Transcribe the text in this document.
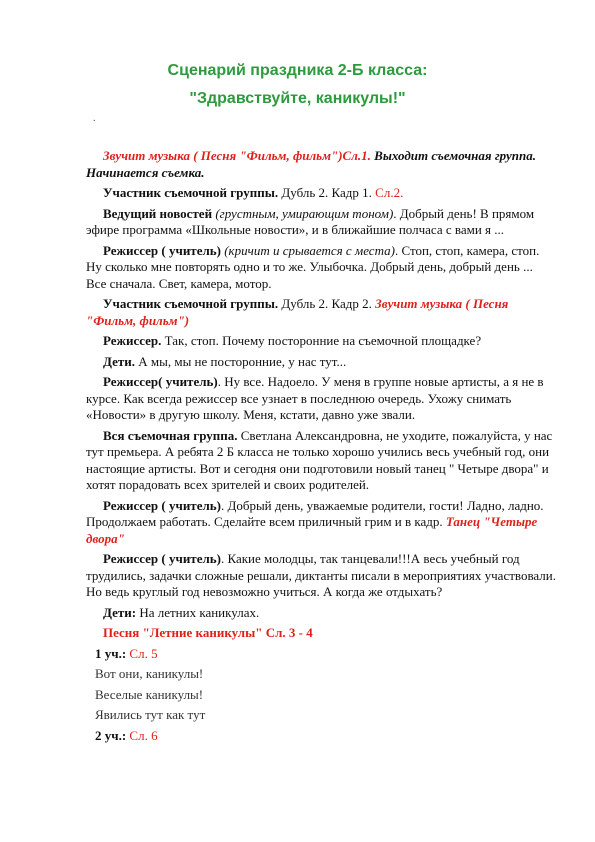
Сценарий праздника 2-Б класса:
"Здравствуйте, каникулы!"
.

Звучит музыка ( Песня "Фильм, фильм")Сл.1. Выходит съемочная группа. Начинается съемка.

Участник съемочной группы. Дубль 2. Кадр 1. Сл.2.

Ведущий новостей (грустным, умирающим тоном). Добрый день! В прямом эфире программа «Школьные новости», и в ближайшие полчаса с вами я ...

Режиссер ( учитель) (кричит и срывается с места). Стоп, стоп, камера, стоп. Ну сколько мне повторять одно и то же. Улыбочка. Добрый день, добрый день ... Все сначала. Свет, камера, мотор.

Участник съемочной группы. Дубль 2. Кадр 2. Звучит музыка ( Песня "Фильм, фильм")

Режиссер. Так, стоп. Почему посторонние на съемочной площадке?

Дети. А мы, мы не посторонние, у нас тут...

Режиссер( учитель). Ну все. Надоело. У меня в группе новые артисты, а я не в курсе. Как всегда режиссер все узнает в последнюю очередь. Ухожу снимать «Новости» в другую школу. Меня, кстати, давно уже звали.

Вся съемочная группа. Светлана Александровна, не уходите, пожалуйста, у нас тут премьера. А ребята 2 Б класса не только хорошо учились весь учебный год, они настоящие артисты. Вот и сегодня они подготовили новый танец " Четыре двора" и хотят порадовать всех зрителей и своих родителей.

Режиссер ( учитель). Добрый день, уважаемые родители, гости! Ладно, ладно. Продолжаем работать. Сделайте всем приличный грим и в кадр. Танец "Четыре двора"

Режиссер ( учитель). Какие молодцы, так танцевали!!!А весь учебный год трудились, задачки сложные решали, диктанты писали в мероприятиях участвовали. Но ведь круглый год невозможно учиться. А когда же отдыхать?

Дети: На летних каникулах.

Песня "Летние каникулы" Сл. 3 - 4

1 уч.: Сл. 5

Вот они, каникулы!

Веселые каникулы!

Явились тут как тут

2 уч.: Сл. 6
